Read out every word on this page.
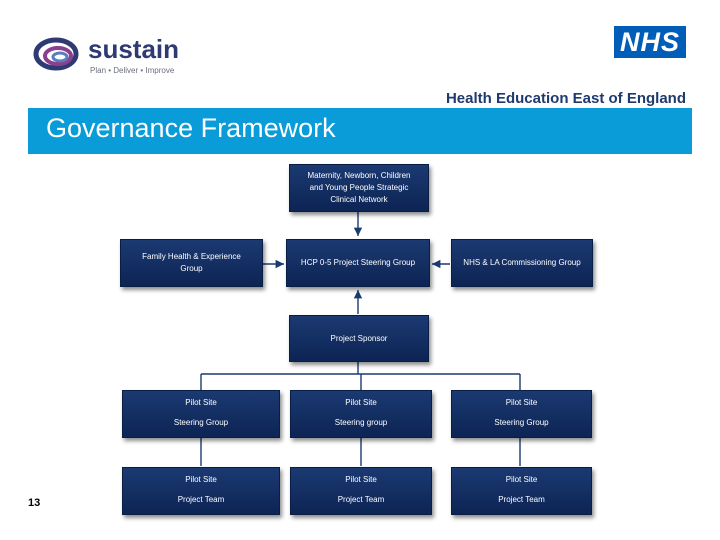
sustain
Plan • Deliver • Improve
NHS
Health Education East of England
Governance Framework
Maternity, Newborn, Children
and Young People Strategic
Clinical Network
Family Health & Experience
Group
HCP 0-5 Project Steering Group	NHS & LA Commissioning Group
Project Sponsor
Pilot Site
Steering Group
Pilot Site
Steering group
Pilot Site
Steering Group
Pilot Site
Project Team
Pilot Site
Project Team
Pilot Site
Project Team
13
